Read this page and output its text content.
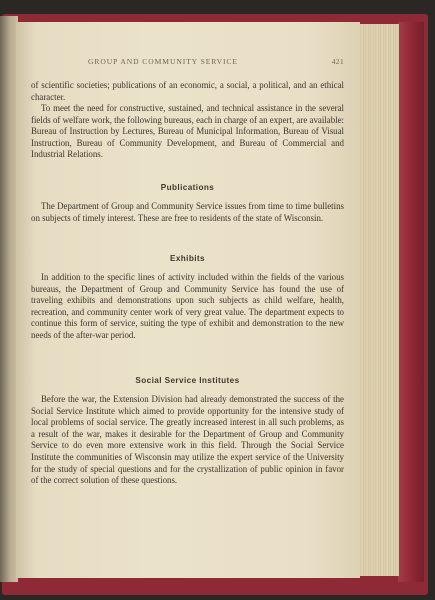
GROUP AND COMMUNITY SERVICE	421

of scientific societies; publications of an economic, a social, a political, and an ethical character.

To meet the need for constructive, sustained, and technical assistance in the several fields of welfare work, the following bureaus, each in charge of an expert, are available: Bureau of Instruction by Lectures, Bureau of Municipal Information, Bureau of Visual Instruction, Bureau of Community Development, and Bureau of Commercial and Industrial Relations.

Publications

The Department of Group and Community Service issues from time to time bulletins on subjects of timely interest. These are free to residents of the state of Wisconsin.

Exhibits

In addition to the specific lines of activity included within the fields of the various bureaus, the Department of Group and Community Service has found the use of traveling exhibits and demonstrations upon such subjects as child welfare, health, recreation, and community center work of very great value. The department expects to continue this form of service, suiting the type of exhibit and demonstration to the new needs of the after-war period.

Social Service Institutes

Before the war, the Extension Division had already demonstrated the success of the Social Service Institute which aimed to provide opportunity for the intensive study of local problems of social service. The greatly increased interest in all such problems, as a result of the war, makes it desirable for the Department of Group and Community Service to do even more extensive work in this field. Through the Social Service Institute the communities of Wisconsin may utilize the expert service of the University for the study of special questions and for the crystallization of public opinion in favor of the correct solution of these questions.
